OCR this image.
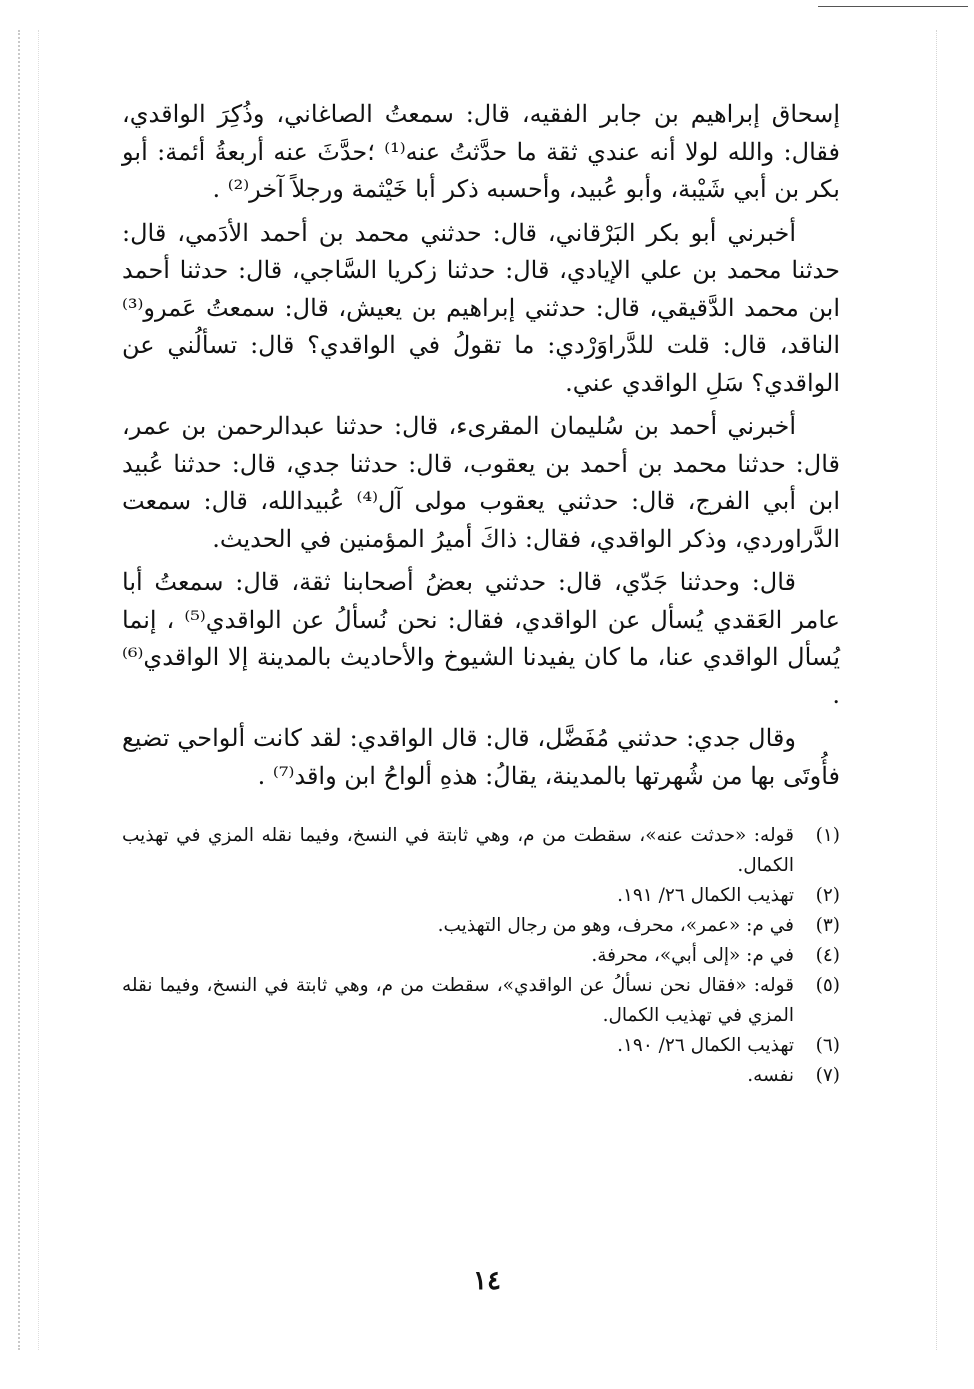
إسحاق إبراهيم بن جابر الفقيه، قال: سمعتُ الصاغاني، وذُكِرَ الواقدي، فقال: والله لولا أنه عندي ثقة ما حدَّثتُ عنه⁽¹⁾ ؛حدَّثَ عنه أربعةُ أئمة: أبو بكر بن أبي شَيْبة، وأبو عُبيد، وأحسبه ذكر أبا خَيْثمة ورجلاً آخر⁽²⁾ .

أخبرني أبو بكر البَرْقاني، قال: حدثني محمد بن أحمد الأدَمي، قال: حدثنا محمد بن علي الإيادي، قال: حدثنا زكريا السَّاجي، قال: حدثنا أحمد ابن محمد الدَّقيقي، قال: حدثني إبراهيم بن يعيش، قال: سمعتُ عَمرو⁽³⁾ الناقد، قال: قلت للدَّراوَرْدي: ما تقولُ في الواقدي؟ قال: تسألُني عن الواقدي؟ سَلِ الواقدي عني.

أخبرني أحمد بن سُليمان المقرىء، قال: حدثنا عبدالرحمن بن عمر، قال: حدثنا محمد بن أحمد بن يعقوب، قال: حدثنا جدي، قال: حدثنا عُبيد ابن أبي الفرج، قال: حدثني يعقوب مولى آل⁽⁴⁾ عُبيدالله، قال: سمعت الدَّراوردي، وذكر الواقدي، فقال: ذاكَ أميرُ المؤمنين في الحديث.

قال: وحدثنا جَدّي، قال: حدثني بعضُ أصحابنا ثقة، قال: سمعتُ أبا عامر العَقدي يُسأل عن الواقدي، فقال: نحن نُسألُ عن الواقدي⁽⁵⁾ ، إنما يُسأل الواقدي عنا، ما كان يفيدنا الشيوخ والأحاديث بالمدينة إلا الواقدي⁽⁶⁾ .

وقال جدي: حدثني مُفَضَّل، قال: قال الواقدي: لقد كانت ألواحي تضيع فأُوتَى بها من شُهرتها بالمدينة، يقالُ: هذهِ ألواحُ ابن واقد⁽⁷⁾ .

(١)
قوله: «حدثت عنه»، سقطت من م، وهي ثابتة في النسخ، وفيما نقله المزي في تهذيب الكمال.
(٢)
تهذيب الكمال ٢٦/ ١٩١.
(٣)
في م: «عمر»، محرف، وهو من رجال التهذيب.
(٤)
في م: «إلى أبي»، محرفة.
(٥)
قوله: «فقال نحن نسألُ عن الواقدي»، سقطت من م، وهي ثابتة في النسخ، وفيما نقله المزي في تهذيب الكمال.
(٦)
تهذيب الكمال ٢٦/ ١٩٠.
(٧)
نفسه.
١٤
